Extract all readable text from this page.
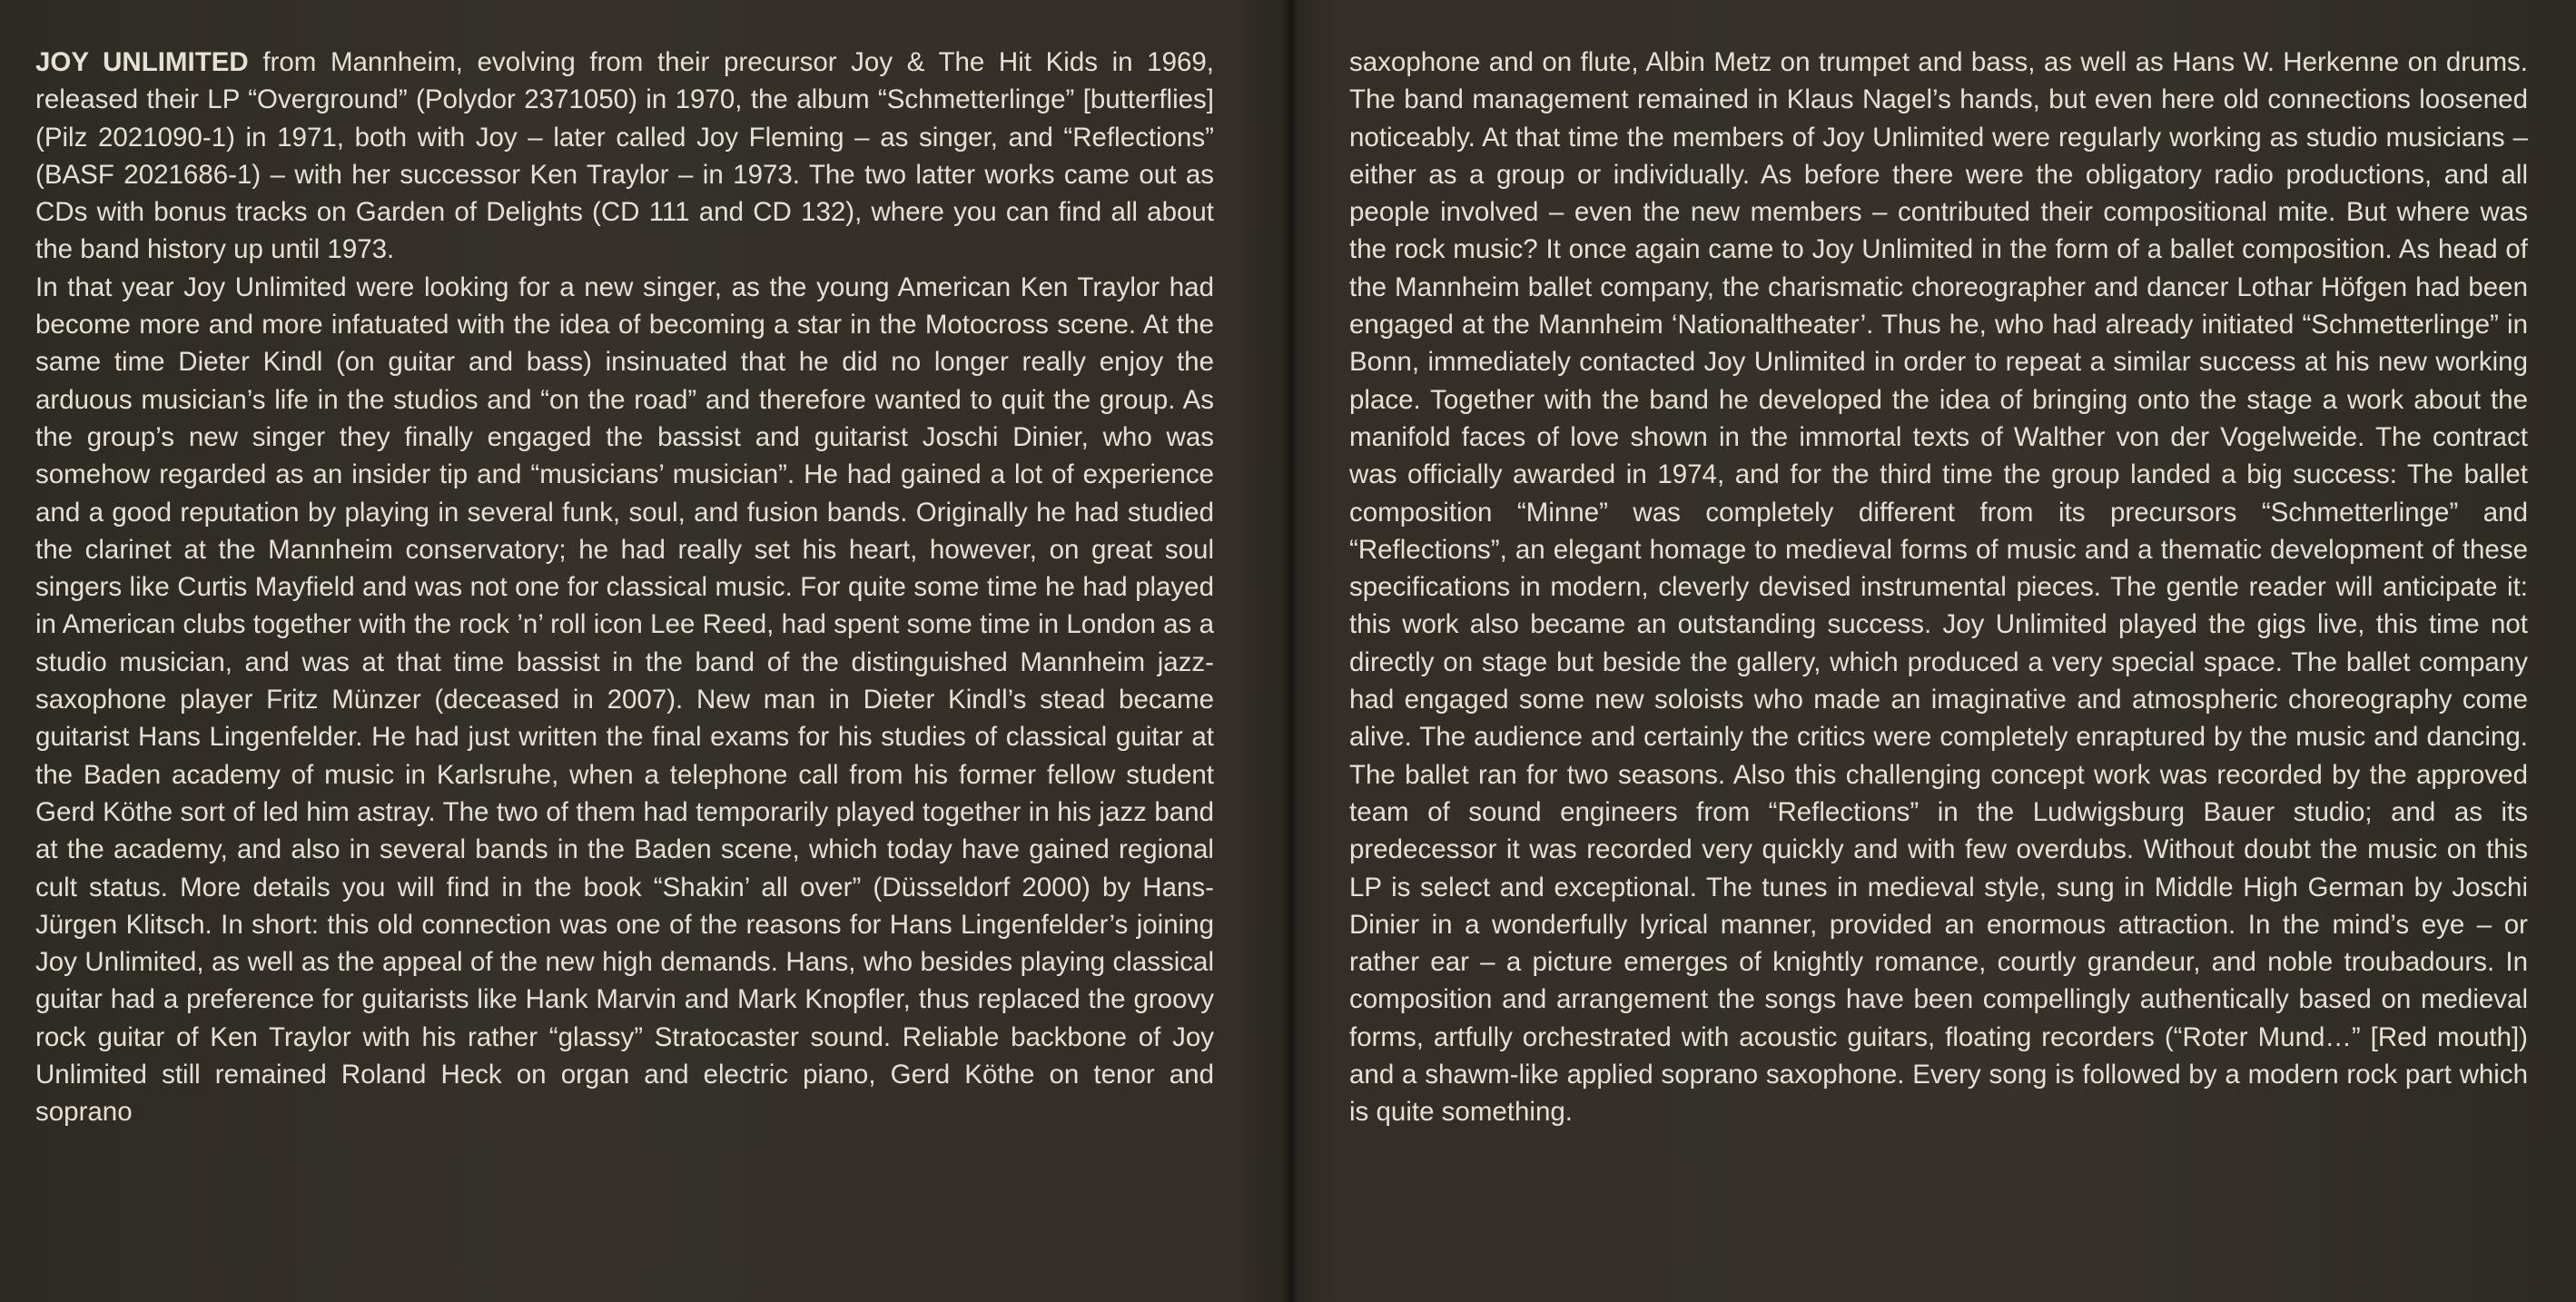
JOY UNLIMITED from Mannheim, evolving from their precursor Joy & The Hit Kids in 1969, released their LP “Overground” (Polydor 2371050) in 1970, the album “Schmetterlinge” [butterflies] (Pilz 2021090-1) in 1971, both with Joy – later called Joy Fleming – as singer, and “Reflections” (BASF 2021686-1) – with her successor Ken Traylor – in 1973. The two latter works came out as CDs with bonus tracks on Garden of Delights (CD 111 and CD 132), where you can find all about the band history up until 1973.

In that year Joy Unlimited were looking for a new singer, as the young American Ken Traylor had become more and more infatuated with the idea of becoming a star in the Motocross scene. At the same time Dieter Kindl (on guitar and bass) insinuated that he did no longer really enjoy the arduous musician’s life in the studios and “on the road” and therefore wanted to quit the group. As the group’s new singer they finally engaged the bassist and guitarist Joschi Dinier, who was somehow regarded as an insider tip and “musicians’ musician”. He had gained a lot of experience and a good reputation by playing in several funk, soul, and fusion bands. Originally he had studied the clarinet at the Mannheim conservatory; he had really set his heart, however, on great soul singers like Curtis Mayfield and was not one for classical music. For quite some time he had played in American clubs together with the rock ’n’ roll icon Lee Reed, had spent some time in London as a studio musician, and was at that time bassist in the band of the distinguished Mannheim jazz-saxophone player Fritz Münzer (deceased in 2007). New man in Dieter Kindl’s stead became guitarist Hans Lingenfelder. He had just written the final exams for his studies of classical guitar at the Baden academy of music in Karlsruhe, when a telephone call from his former fellow student Gerd Köthe sort of led him astray. The two of them had temporarily played together in his jazz band at the academy, and also in several bands in the Baden scene, which today have gained regional cult status. More details you will find in the book “Shakin’ all over” (Düsseldorf 2000) by Hans-Jürgen Klitsch. In short: this old connection was one of the reasons for Hans Lingenfelder’s joining Joy Unlimited, as well as the appeal of the new high demands. Hans, who besides playing classical guitar had a preference for guitarists like Hank Marvin and Mark Knopfler, thus replaced the groovy rock guitar of Ken Traylor with his rather “glassy” Stratocaster sound. Reliable backbone of Joy Unlimited still remained Roland Heck on organ and electric piano, Gerd Köthe on tenor and soprano

saxophone and on flute, Albin Metz on trumpet and bass, as well as Hans W. Herkenne on drums. The band management remained in Klaus Nagel’s hands, but even here old connections loosened noticeably. At that time the members of Joy Unlimited were regularly working as studio musicians – either as a group or individually. As before there were the obligatory radio productions, and all people involved – even the new members – contributed their compositional mite. But where was the rock music? It once again came to Joy Unlimited in the form of a ballet composition. As head of the Mannheim ballet company, the charismatic choreographer and dancer Lothar Höfgen had been engaged at the Mannheim ‘Nationaltheater’. Thus he, who had already initiated “Schmetterlinge” in Bonn, immediately contacted Joy Unlimited in order to repeat a similar success at his new working place. Together with the band he developed the idea of bringing onto the stage a work about the manifold faces of love shown in the immortal texts of Walther von der Vogelweide. The contract was officially awarded in 1974, and for the third time the group landed a big success: The ballet composition “Minne” was completely different from its precursors “Schmetterlinge” and “Reflections”, an elegant homage to medieval forms of music and a thematic development of these specifications in modern, cleverly devised instrumental pieces. The gentle reader will anticipate it: this work also became an outstanding success. Joy Unlimited played the gigs live, this time not directly on stage but beside the gallery, which produced a very special space. The ballet company had engaged some new soloists who made an imaginative and atmospheric choreography come alive. The audience and certainly the critics were completely enraptured by the music and dancing. The ballet ran for two seasons. Also this challenging concept work was recorded by the approved team of sound engineers from “Reflections” in the Ludwigsburg Bauer studio; and as its predecessor it was recorded very quickly and with few overdubs. Without doubt the music on this LP is select and exceptional. The tunes in medieval style, sung in Middle High German by Joschi Dinier in a wonderfully lyrical manner, provided an enormous attraction. In the mind’s eye – or rather ear – a picture emerges of knightly romance, courtly grandeur, and noble troubadours. In composition and arrangement the songs have been compellingly authentically based on medieval forms, artfully orchestrated with acoustic guitars, floating recorders (“Roter Mund…” [Red mouth]) and a shawm-like applied soprano saxophone. Every song is followed by a modern rock part which is quite something.
